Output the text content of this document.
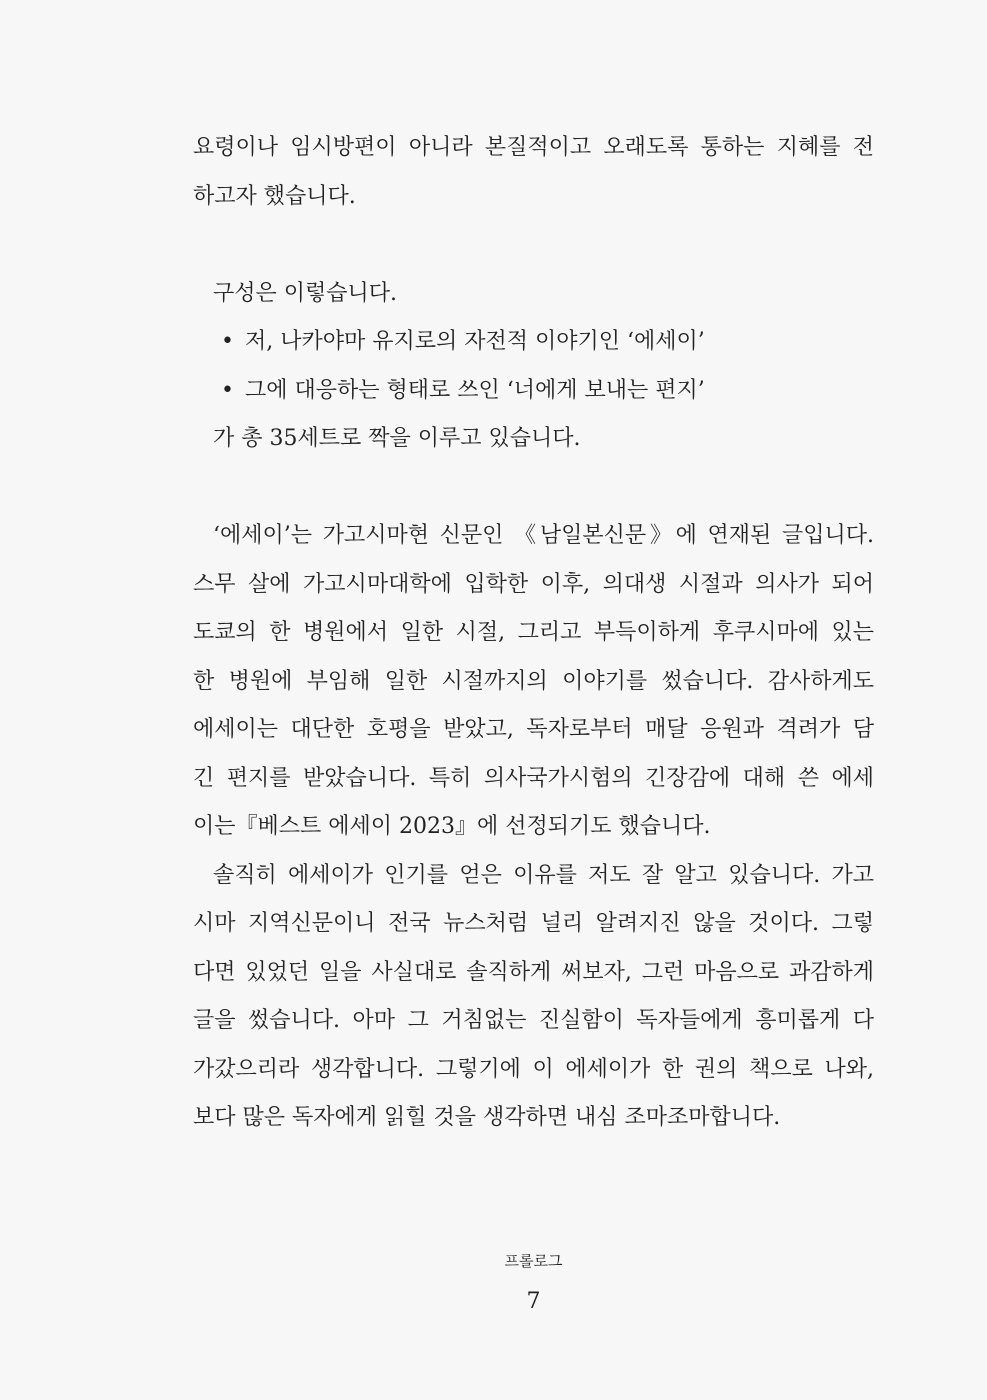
요령이나 임시방편이 아니라 본질적이고 오래도록 통하는 지혜를 전
하고자 했습니다.
구성은 이렇습니다.
•
저, 나카야마 유지로의 자전적 이야기인 ‘에세이’
•
그에 대응하는 형태로 쓰인 ‘너에게 보내는 편지’
가 총 35세트로 짝을 이루고 있습니다.
‘에세이’는 가고시마현 신문인 《남일본신문》에 연재된 글입니다.
스무 살에 가고시마대학에 입학한 이후, 의대생 시절과 의사가 되어
도쿄의 한 병원에서 일한 시절, 그리고 부득이하게 후쿠시마에 있는
한 병원에 부임해 일한 시절까지의 이야기를 썼습니다. 감사하게도
에세이는 대단한 호평을 받았고, 독자로부터 매달 응원과 격려가 담
긴 편지를 받았습니다. 특히 의사국가시험의 긴장감에 대해 쓴 에세
이는『베스트 에세이 2023』에 선정되기도 했습니다.
솔직히 에세이가 인기를 얻은 이유를 저도 잘 알고 있습니다. 가고
시마 지역신문이니 전국 뉴스처럼 널리 알려지진 않을 것이다. 그렇
다면 있었던 일을 사실대로 솔직하게 써보자, 그런 마음으로 과감하게
글을 썼습니다. 아마 그 거침없는 진실함이 독자들에게 흥미롭게 다
가갔으리라 생각합니다. 그렇기에 이 에세이가 한 권의 책으로 나와,
보다 많은 독자에게 읽힐 것을 생각하면 내심 조마조마합니다.
프롤로그
7
